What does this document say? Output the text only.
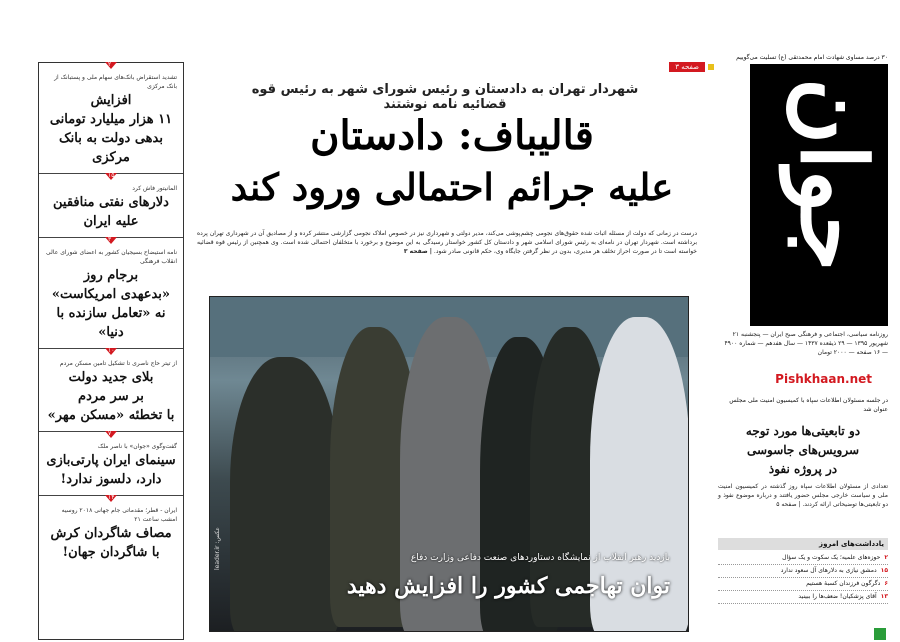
۲
تشدید استقراض بانک‌های سهام ملی و پستبانک از بانک مرکزی
افزایش
۱۱ هزار میلیارد تومانی
بدهی دولت به بانک مرکزی
۱۵
المانیتور فاش کرد
دلارهای نفتی منافقین
علیه ایران
۳
نامه استیضاح بسیجیان کشور به اعضای شورای عالی انقلاب فرهنگی
برجام روز
«بدعهدی امریکاست»
نه «تعامل سازنده با دنیا»
۱۰
از تیتر حاج ناصری تا تشکیل تامین مسکن مردم
بلای جدید دولت
بر سر مردم
با تخطئه «مسکن مهر»
۷
گفت‌وگوی «جوان» با ناصر ملک
سینمای ایران پارتی‌بازی
دارد، دلسوز ندارد!
۱۴
ایران - قطر؛ مقدماتی جام جهانی ۲۰۱۸ روسیه امشب ساعت ۲۱
مصاف شاگردان کرش
با شاگردان جهان!
صفحه ۳
شهردار تهران به دادستان و رئیس شورای شهر به رئیس قوه قضائیه نامه نوشتند
قالیباف: دادستان
علیه جرائم احتمالی ورود کند
درست در زمانی که دولت از مسئله اثبات شده حقوق‌های نجومی چشم‌پوشی می‌کند، مدیر دولتی و شهرداری نیز در خصوص املاک نجومی گزارشی منتشر کرده و از مصادیق آن در شهرداری تهران پرده برداشته است. شهردار تهران در نامه‌ای به رئیس شورای اسلامی شهر و دادستان کل کشور خواستار رسیدگی به این موضوع و برخورد با متخلفان احتمالی شده است. وی همچنین از رئیس قوه قضائیه خواسته است تا در صورت احراز تخلف هر مدیری، بدون در نظر گرفتن جایگاه وی، حکم قانونی صادر شود. | صفحه ۳
عکس: leader.ir
بازدید رهبر انقلاب از نمایشگاه دستاوردهای صنعت دفاعی وزارت دفاع
توان تهاجمی کشور را افزایش دهید
۳۰ درصد مساوی شهادت امام محمدتقی (ع) تسلیت می‌گوییم
جوان
روزنامه سیاسی، اجتماعی و فرهنگی صبح ایران — پنجشنبه ۲۱ شهریور ۱۳۹۵ — ۲۹ ذیقعده ۱۴۳۷ — سال هفدهم — شماره ۴۹۰۰ — ۱۶ صفحه — ۲۰۰۰ تومان
Pishkhaan.net
در جلسه مسئولان اطلاعات سپاه با کمیسیون امنیت ملی مجلس عنوان شد
دو تابعیتی‌ها مورد توجه
سرویس‌های جاسوسی
در پروژه نفوذ
تعدادی از مسئولان اطلاعات سپاه روز گذشته در کمیسیون امنیت ملی و سیاست خارجی مجلس حضور یافتند و درباره موضوع نفوذ و دو تابعیتی‌ها توضیحاتی ارائه کردند. | صفحه ۵
یادداشت‌های امروز
۲حوزه‌های علمیه؛ یک سکوت و یک سؤال
۱۵دمشق نیازی به دلارهای آل سعود ندارد
۶دگرگون فرزندان کسبهٔ هستیم
۱۳آقای پزشکیان! ضعف‌ها را ببینید
